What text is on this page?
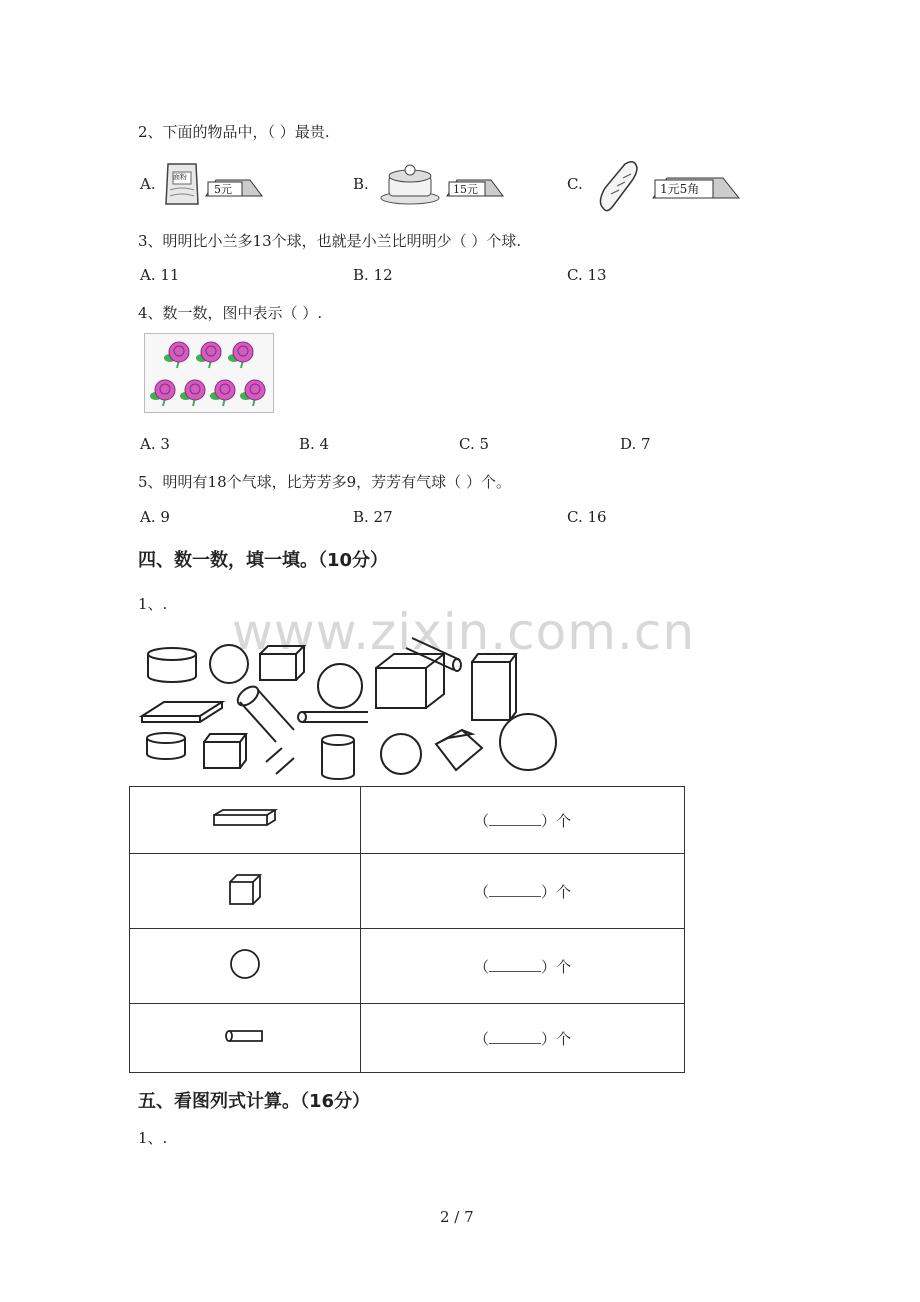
2、下面的物品中，（ ）最贵.
A. 面粉
5元	B.	15元	C.	1元5角
3、明明比小兰多13个球，也就是小兰比明明少（ ）个球.
A. 11	B. 12	C. 13
4、数一数，图中表示（ ）.
A. 3	B. 4	C. 5	D. 7
5、明明有18个气球，比芳芳多9，芳芳有气球（ ）个。
A. 9	B. 27	C. 16
四、数一数，填一填。（10分）
1、. www.zixin.com.cn
	（ ）个
	（ ）个
	（ ）个
	（ ）个
五、看图列式计算。（16分）
1、.
2 / 7
